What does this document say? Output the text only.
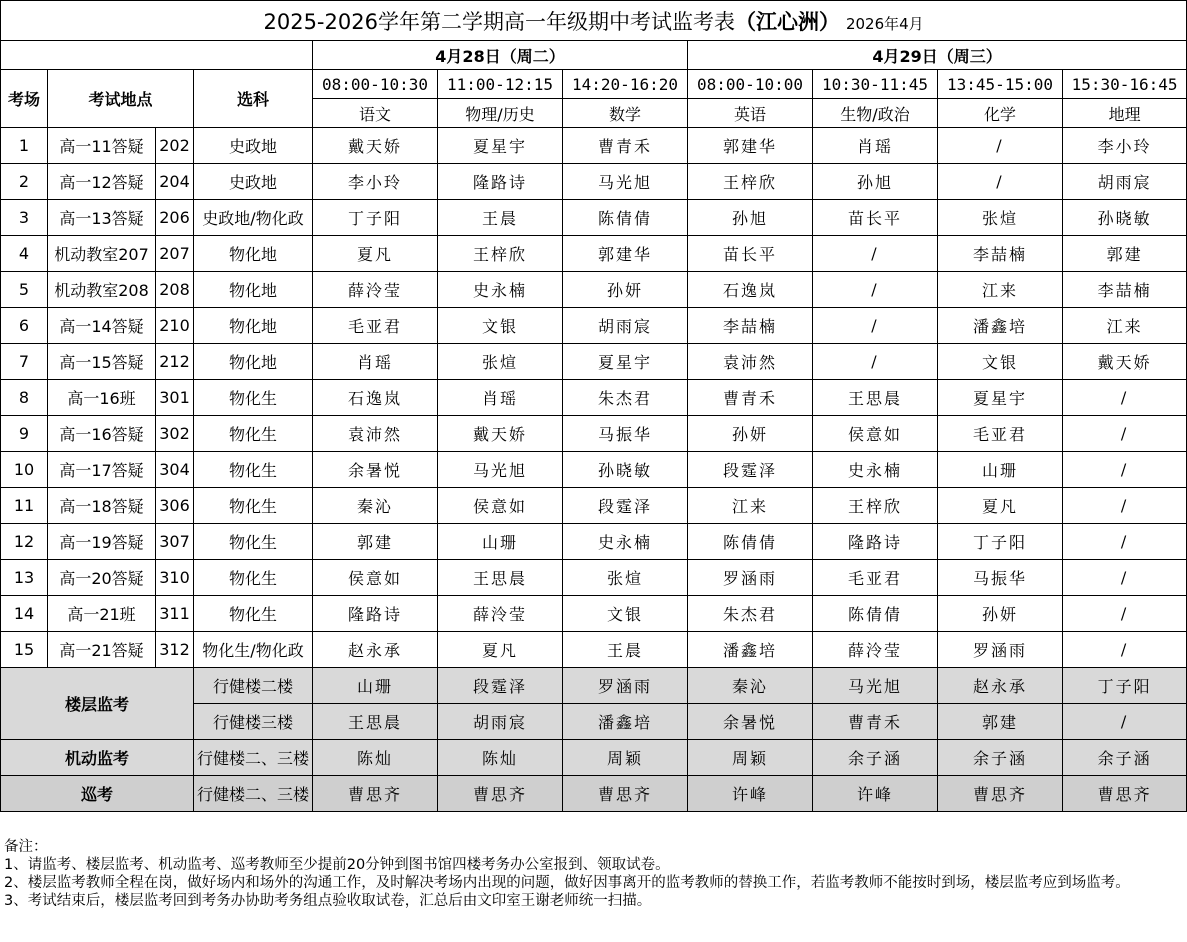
2025-2026学年第二学期高一年级期中考试监考表（江心洲） 2026年4月										
				4月28日（周二）			4月29日（周三）			
考场	考试地点		选科	08:00-10:30	11:00-12:15	14:20-16:20	08:00-10:00	10:30-11:45	13:45-15:00	15:30-16:45
				语文	物理/历史	数学	英语	生物/政治	化学	地理
1	高一11答疑	202	史政地	戴天娇	夏星宇	曹青禾	郭建华	肖瑶	/	李小玲
2	高一12答疑	204	史政地	李小玲	隆路诗	马光旭	王梓欣	孙旭	/	胡雨宸
3	高一13答疑	206	史政地/物化政	丁子阳	王晨	陈倩倩	孙旭	苗长平	张煊	孙晓敏
4	机动教室207	207	物化地	夏凡	王梓欣	郭建华	苗长平	/	李喆楠	郭建
5	机动教室208	208	物化地	薛泠莹	史永楠	孙妍	石逸岚	/	江来	李喆楠
6	高一14答疑	210	物化地	毛亚君	文银	胡雨宸	李喆楠	/	潘鑫培	江来
7	高一15答疑	212	物化地	肖瑶	张煊	夏星宇	袁沛然	/	文银	戴天娇
8	高一16班	301	物化生	石逸岚	肖瑶	朱杰君	曹青禾	王思晨	夏星宇	/
9	高一16答疑	302	物化生	袁沛然	戴天娇	马振华	孙妍	侯意如	毛亚君	/
10	高一17答疑	304	物化生	余暑悦	马光旭	孙晓敏	段霆泽	史永楠	山珊	/
11	高一18答疑	306	物化生	秦沁	侯意如	段霆泽	江来	王梓欣	夏凡	/
12	高一19答疑	307	物化生	郭建	山珊	史永楠	陈倩倩	隆路诗	丁子阳	/
13	高一20答疑	310	物化生	侯意如	王思晨	张煊	罗涵雨	毛亚君	马振华	/
14	高一21班	311	物化生	隆路诗	薛泠莹	文银	朱杰君	陈倩倩	孙妍	/
15	高一21答疑	312	物化生/物化政	赵永承	夏凡	王晨	潘鑫培	薛泠莹	罗涵雨	/
楼层监考			行健楼二楼	山珊	段霆泽	罗涵雨	秦沁	马光旭	赵永承	丁子阳
			行健楼三楼	王思晨	胡雨宸	潘鑫培	余暑悦	曹青禾	郭建	/
机动监考			行健楼二、三楼	陈灿	陈灿	周颖	周颖	余子涵	余子涵	余子涵
巡考			行健楼二、三楼	曹思齐	曹思齐	曹思齐	许峰	许峰	曹思齐	曹思齐
备注：
1、请监考、楼层监考、机动监考、巡考教师至少提前20分钟到图书馆四楼考务办公室报到、领取试卷。
2、楼层监考教师全程在岗，做好场内和场外的沟通工作，及时解决考场内出现的问题，做好因事离开的监考教师的替换工作，若监考教师不能按时到场，楼层监考应到场监考。
3、考试结束后，楼层监考回到考务办协助考务组点验收取试卷，汇总后由文印室王谢老师统一扫描。
